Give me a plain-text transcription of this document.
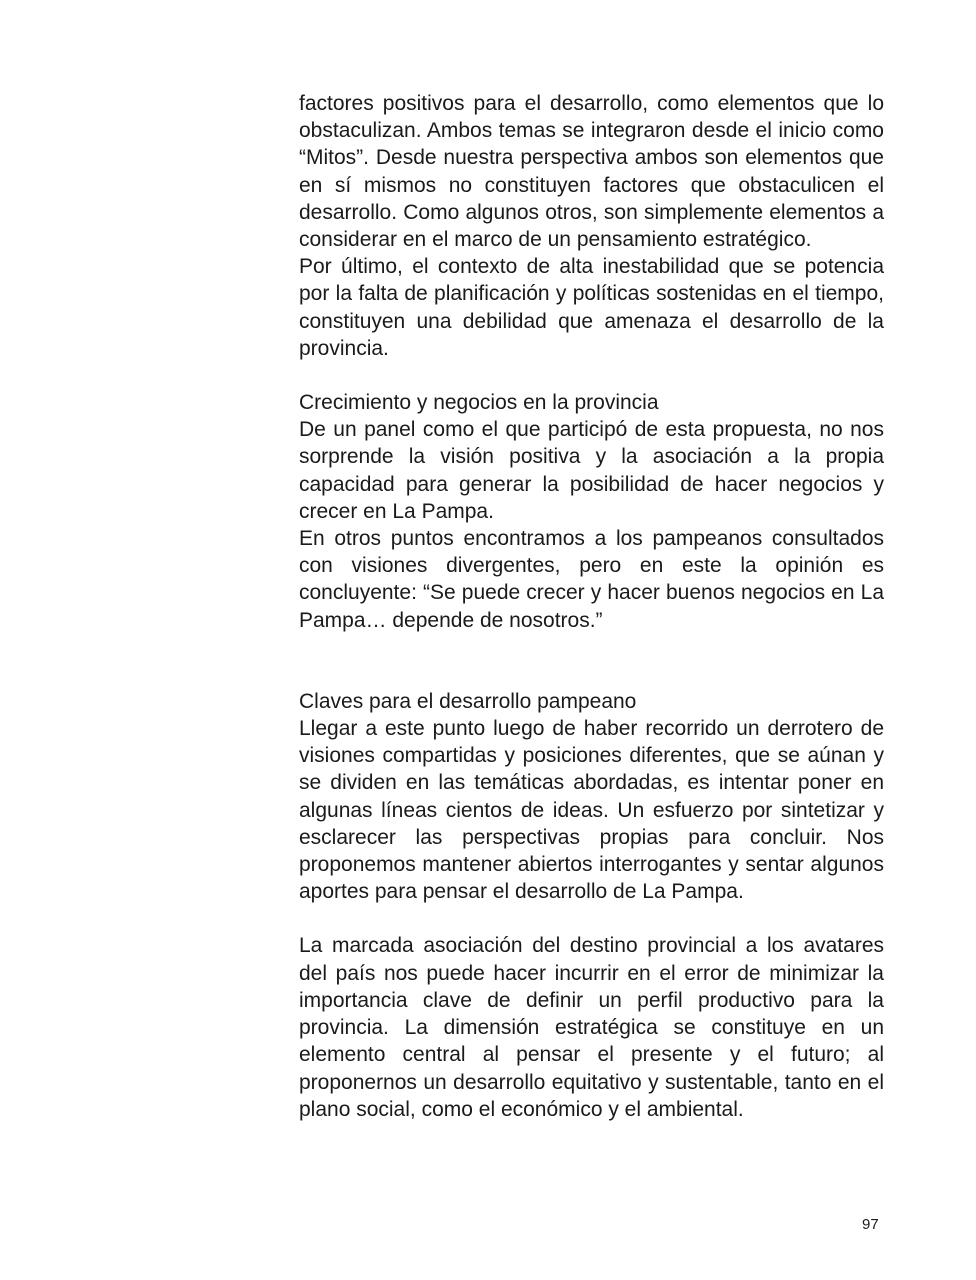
factores positivos para el desarrollo, como elementos que lo obstaculizan. Ambos temas se integraron desde el inicio como “Mitos”. Desde nuestra perspectiva ambos son elementos que en sí mismos no constituyen factores que obstaculicen el desarrollo. Como algunos otros, son simplemente elementos a considerar en el marco de un pensamiento estratégico.

Por último, el contexto de alta inestabilidad que se potencia por la falta de planificación y políticas sostenidas en el tiempo, constituyen una debilidad que amenaza el desarrollo de la provincia.

Crecimiento y negocios en la provincia

De un panel como el que participó de esta propuesta, no nos sorprende la visión positiva y la asociación a la propia capacidad para generar la posibilidad de hacer negocios y crecer en La Pampa.

En otros puntos encontramos a los pampeanos consultados con visiones divergentes, pero en este la opinión es concluyente: “Se puede crecer y hacer buenos negocios en La Pampa… depende de nosotros.”

Claves para el desarrollo pampeano

Llegar a este punto luego de haber recorrido un derrotero de visiones compartidas y posiciones diferentes, que se aúnan y se dividen en las temáticas abordadas, es intentar poner en algunas líneas cientos de ideas. Un esfuerzo por sintetizar y esclarecer las perspectivas propias para concluir. Nos proponemos mantener abiertos interrogantes y sentar algunos aportes para pensar el desarrollo de La Pampa.

La marcada asociación del destino provincial a los avatares del país nos puede hacer incurrir en el error de minimizar la importancia clave de definir un perfil productivo para la provincia. La dimensión estratégica se constituye en un elemento central al pensar el presente y el futuro; al proponernos un desarrollo equitativo y sustentable, tanto en el plano social, como el económico y el ambiental.

97
